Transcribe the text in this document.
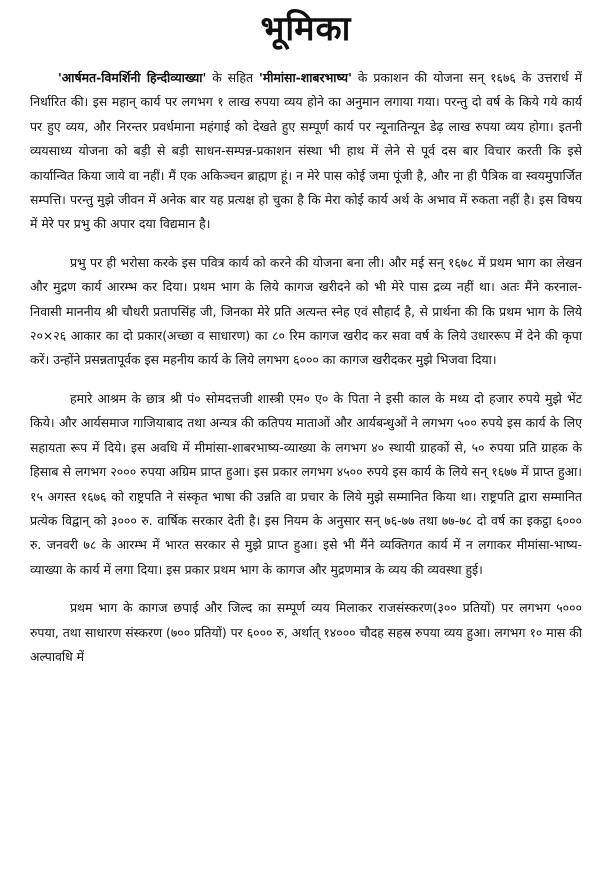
भूमिका

'आर्षमत-विमर्शिनी हिन्दीव्याख्या' के सहित 'मीमांसा-शाबरभाष्य' के प्रकाशन की योजना सन् १६७६ के उत्तरार्ध में निर्धारित की। इस महान् कार्य पर लगभग १ लाख रुपया व्यय होने का अनुमान लगाया गया। परन्तु दो वर्ष के किये गये कार्य पर हुए व्यय, और निरन्तर प्रवर्धमाना महंगाई को देखते हुए सम्पूर्ण कार्य पर न्यूनातिन्यून डेढ़ लाख रुपया व्यय होगा। इतनी व्ययसाध्य योजना को बड़ी से बड़ी साधन-सम्पन्न-प्रकाशन संस्था भी हाथ में लेने से पूर्व दस बार विचार करती कि इसे कार्यान्वित किया जाये वा नहीं। मैं एक अकिञ्चन ब्राह्मण हूं। न मेरे पास कोई जमा पूंजी है, और ना ही पैत्रिक वा स्वयमुपार्जित सम्पत्ति। परन्तु मुझे जीवन में अनेक बार यह प्रत्यक्ष हो चुका है कि मेरा कोई कार्य अर्थ के अभाव में रुकता नहीं है। इस विषय में मेरे पर प्रभु की अपार दया विद्यमान है।

प्रभु पर ही भरोसा करके इस पवित्र कार्य को करने की योजना बना ली। और मई सन् १६७८ में प्रथम भाग का लेखन और मुद्रण कार्य आरम्भ कर दिया। प्रथम भाग के लिये कागज खरीदने को भी मेरे पास द्रव्य नहीं था। अतः मैंने करनाल-निवासी माननीय श्री चौधरी प्रतापसिंह जी, जिनका मेरे प्रति अत्यन्त स्नेह एवं सौहार्द है, से प्रार्थना की कि प्रथम भाग के लिये २०×२६ आकार का दो प्रकार(अच्छा व साधारण) का ८० रिम कागज खरीद कर सवा वर्ष के लिये उधाररूप में देने की कृपा करें। उन्होंने प्रसन्नतापूर्वक इस महनीय कार्य के लिये लगभग ६००० का कागज खरीदकर मुझे भिजवा दिया।

हमारे आश्रम के छात्र श्री पं० सोमदत्तजी शास्त्री एम० ए० के पिता ने इसी काल के मध्य दो हजार रुपये मुझे भेंट किये। और आर्यसमाज गाजियाबाद तथा अन्यत्र की कतिपय माताओं और आर्यबन्धुओं ने लगभग ५०० रुपये इस कार्य के लिए सहायता रूप में दिये। इस अवधि में मीमांसा-शाबरभाष्य-व्याख्या के लगभग ४० स्थायी ग्राहकों से, ५० रुपया प्रति ग्राहक के हिसाब से लगभग २००० रुपया अग्रिम प्राप्त हुआ। इस प्रकार लगभग ४५०० रुपये इस कार्य के लिये सन् १६७७ में प्राप्त हुआ। १५ अगस्त १६७६ को राष्ट्रपति ने संस्कृत भाषा की उन्नति वा प्रचार के लिये मुझे सम्मानित किया था। राष्ट्रपति द्वारा सम्मानित प्रत्येक विद्वान् को ३००० रु. वार्षिक सरकार देती है। इस नियम के अनुसार सन् ७६-७७ तथा ७७-७८ दो वर्ष का इकट्ठा ६००० रु. जनवरी ७८ के आरम्भ में भारत सरकार से मुझे प्राप्त हुआ। इसे भी मैंने व्यक्तिगत कार्य में न लगाकर मीमांसा-भाष्य-व्याख्या के कार्य में लगा दिया। इस प्रकार प्रथम भाग के कागज और मुद्रणमात्र के व्यय की व्यवस्था हुई।

प्रथम भाग के कागज छपाई और जिल्द का सम्पूर्ण व्यय मिलाकर राजसंस्करण(३०० प्रतियों) पर लगभग ५००० रुपया, तथा साधारण संस्करण (७०० प्रतियों) पर ६००० रु, अर्थात् १४००० चौदह सहस्र रुपया व्यय हुआ। लगभग १० मास की अल्पावधि में
